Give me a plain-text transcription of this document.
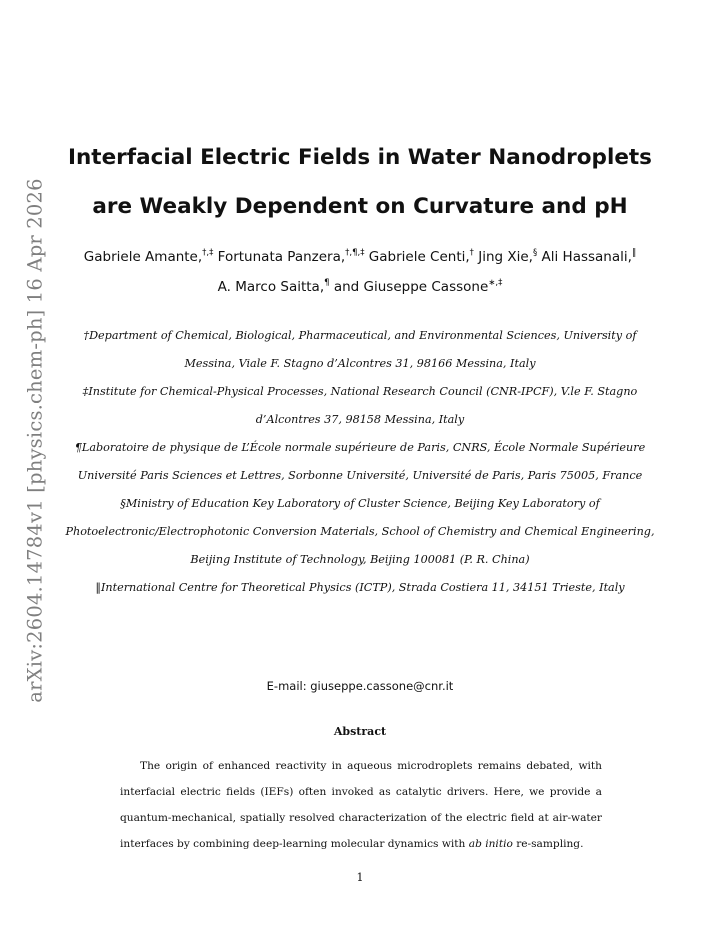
arXiv:2604.14784v1 [physics.chem-ph] 16 Apr 2026
Interfacial Electric Fields in Water Nanodroplets
are Weakly Dependent on Curvature and pH
Gabriele Amante,†,‡ Fortunata Panzera,†,¶,‡ Gabriele Centi,† Jing Xie,§ Ali Hassanali,‖ A. Marco Saitta,¶ and Giuseppe Cassone∗,‡

†Department of Chemical, Biological, Pharmaceutical, and Environmental Sciences, University of Messina, Viale F. Stagno d’Alcontres 31, 98166 Messina, Italy

‡Institute for Chemical-Physical Processes, National Research Council (CNR-IPCF), V.le F. Stagno d’Alcontres 37, 98158 Messina, Italy

¶Laboratoire de physique de L’École normale supérieure de Paris, CNRS, École Normale Supérieure Université Paris Sciences et Lettres, Sorbonne Université, Université de Paris, Paris 75005, France

§Ministry of Education Key Laboratory of Cluster Science, Beijing Key Laboratory of Photoelectronic/Electrophotonic Conversion Materials, School of Chemistry and Chemical Engineering, Beijing Institute of Technology, Beijing 100081 (P. R. China)

‖International Centre for Theoretical Physics (ICTP), Strada Costiera 11, 34151 Trieste, Italy

E-mail: giuseppe.cassone@cnr.it
Abstract

The origin of enhanced reactivity in aqueous microdroplets remains debated, with interfacial electric fields (IEFs) often invoked as catalytic drivers. Here, we provide a quantum-mechanical, spatially resolved characterization of the electric field at air-water interfaces by combining deep-learning molecular dynamics with ab initio re-sampling.

1
